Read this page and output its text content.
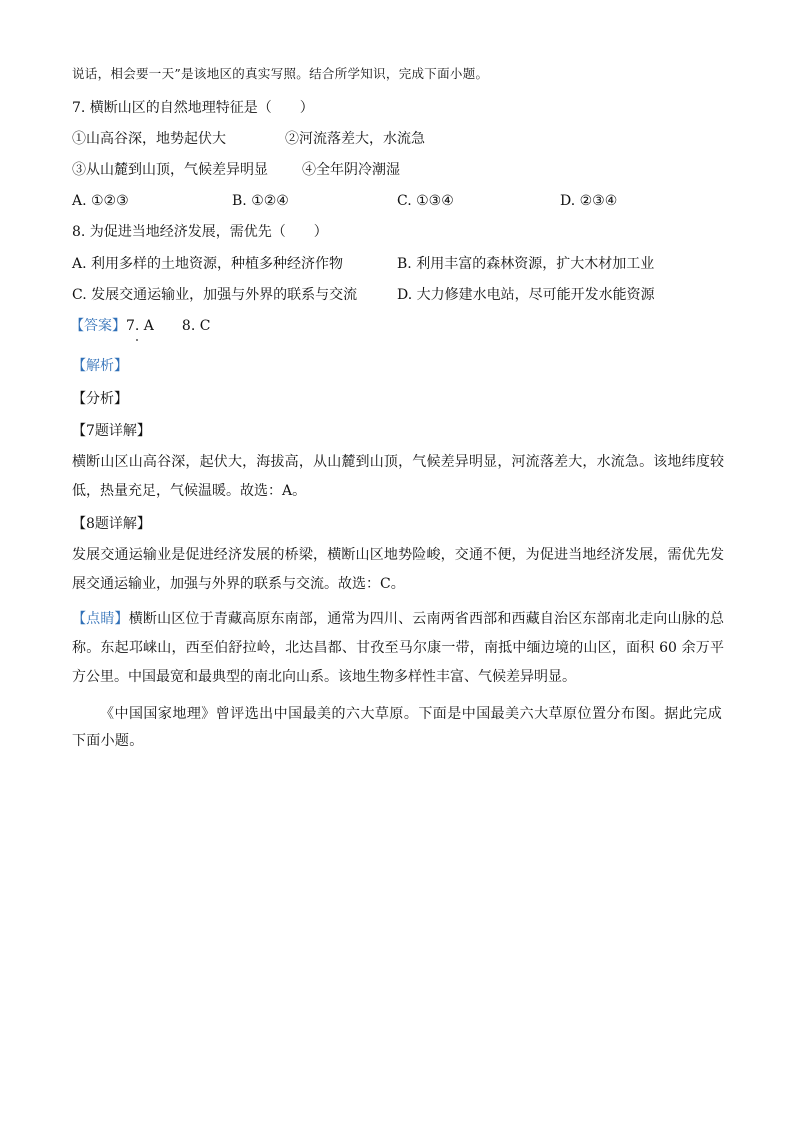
说话，相会要一天”是该地区的真实写照。结合所学知识，完成下面小题。
7. 横断山区的自然地理特征是（　　）
①山高谷深，地势起伏大	②河流落差大，水流急
③从山麓到山顶，气候差异明显 ④全年阴冷潮湿
A. ①②③	B. ①②④	C. ①③④	D. ②③④
8. 为促进当地经济发展，需优先（　　）
A. 利用多样的土地资源，种植多种经济作物	B. 利用丰富的森林资源，扩大木材加工业
C. 发展交通运输业，加强与外界的联系与交流	D. 大力修建水电站，尽可能开发水能资源
【答案】7. A　　8. C
【解析】
【分析】
【7题详解】
横断山区山高谷深，起伏大，海拔高，从山麓到山顶，气候差异明显，河流落差大，水流急。该地纬度较低，热量充足，气候温暖。故选：A。
【8题详解】
发展交通运输业是促进经济发展的桥梁，横断山区地势险峻，交通不便，为促进当地经济发展，需优先发展交通运输业，加强与外界的联系与交流。故选：C。
【点睛】横断山区位于青藏高原东南部，通常为四川、云南两省西部和西藏自治区东部南北走向山脉的总称。东起邛崃山，西至伯舒拉岭，北达昌都、甘孜至马尔康一带，南抵中缅边境的山区，面积 60 余万平方公里。中国最宽和最典型的南北向山系。该地生物多样性丰富、气候差异明显。
《中国国家地理》曾评选出中国最美的六大草原。下面是中国最美六大草原位置分布图。据此完成下面小题。
